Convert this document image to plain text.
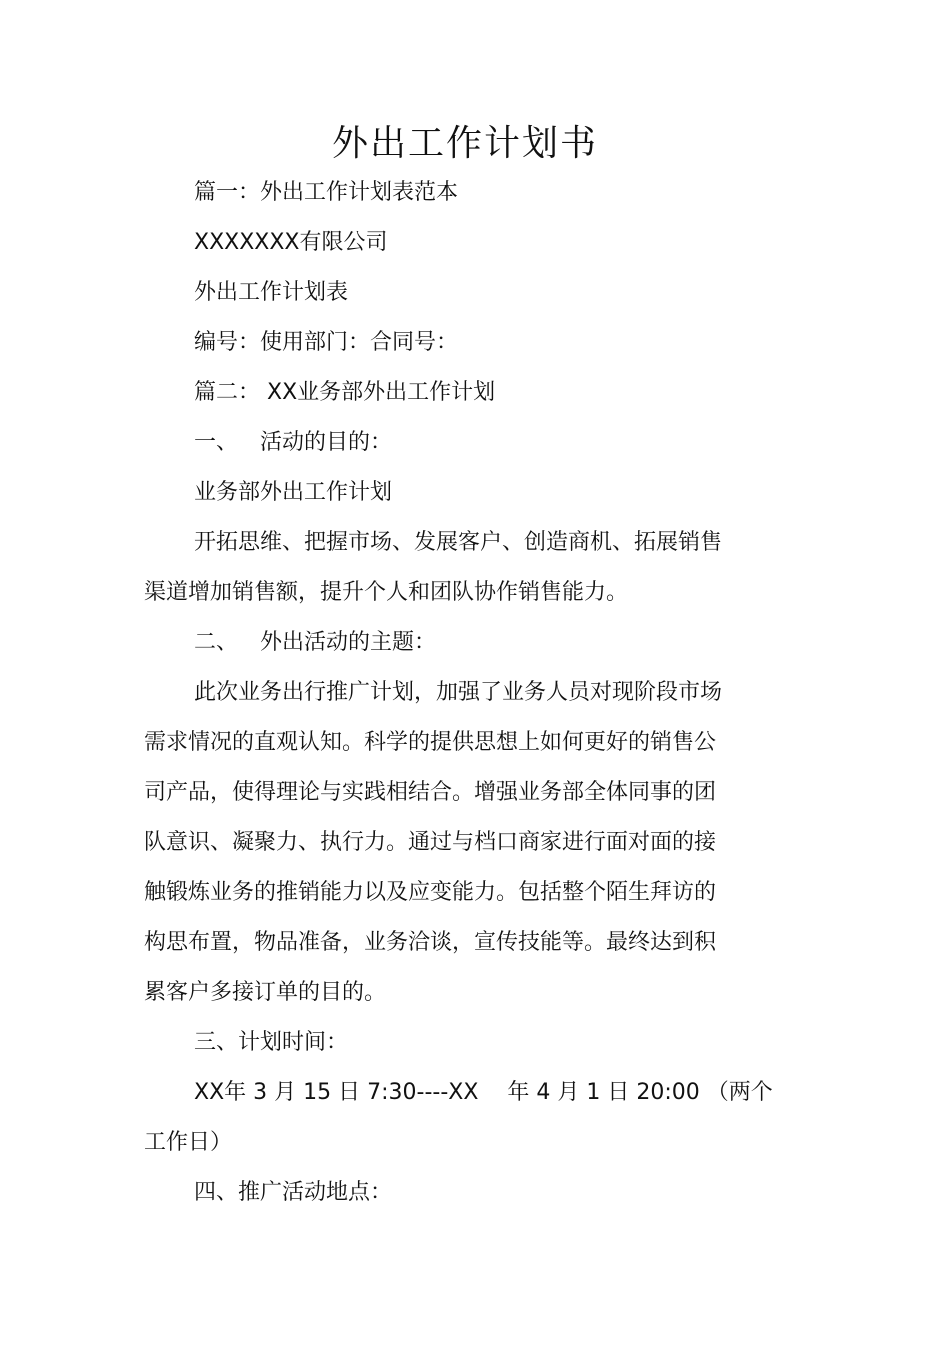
外出工作计划书
篇一：外出工作计划表范本
XXXXXXX有限公司
外出工作计划表
编号：使用部门：合同号：
篇二： XX业务部外出工作计划
一、 活动的目的：
业务部外出工作计划
开拓思维、把握市场、发展客户、创造商机、拓展销售
渠道增加销售额，提升个人和团队协作销售能力。
二、 外出活动的主题：
此次业务出行推广计划，加强了业务人员对现阶段市场
需求情况的直观认知。科学的提供思想上如何更好的销售公
司产品，使得理论与实践相结合。增强业务部全体同事的团
队意识、凝聚力、执行力。通过与档口商家进行面对面的接
触锻炼业务的推销能力以及应变能力。包括整个陌生拜访的
构思布置，物品准备，业务洽谈，宣传技能等。最终达到积
累客户多接订单的目的。
三、计划时间：
XX年 3 月 15 日 7:30----XX　 年 4 月 1 日 20:00 （两个
工作日）
四、推广活动地点：
